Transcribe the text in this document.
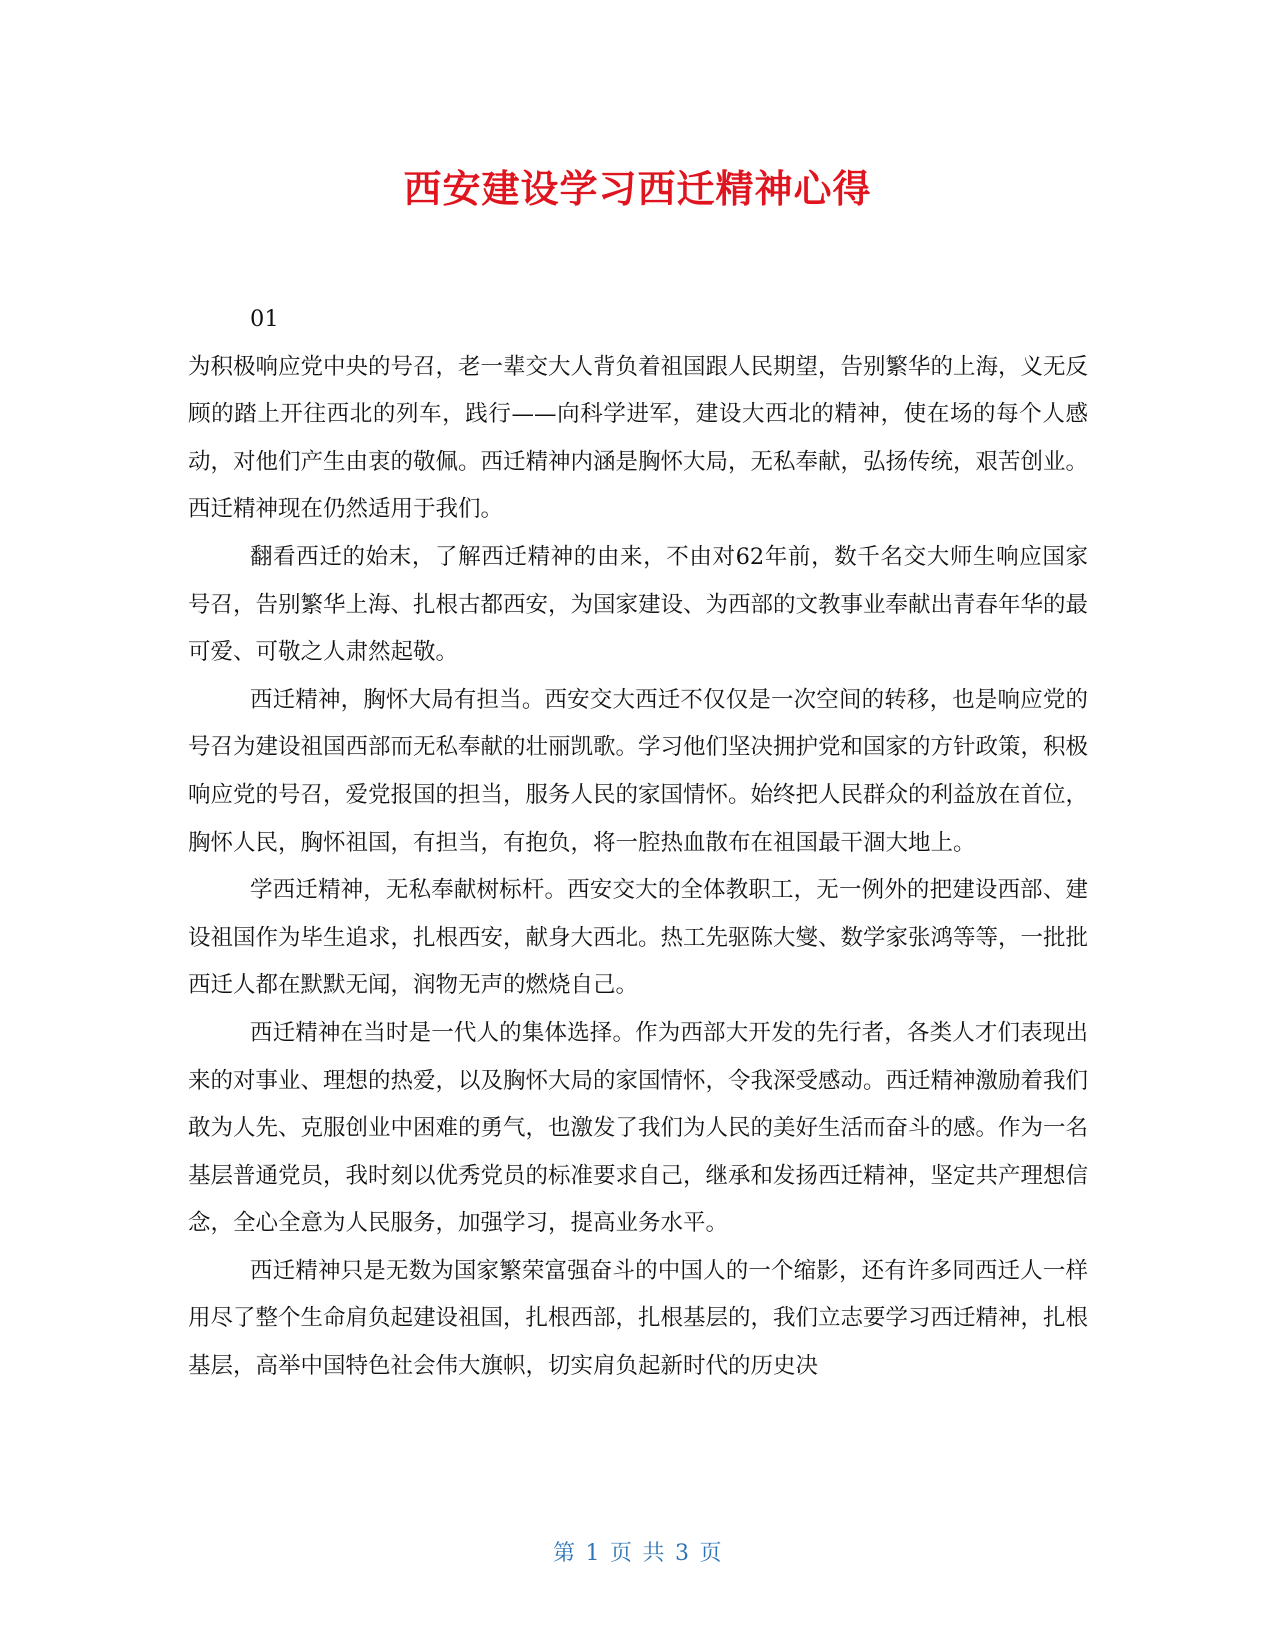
西安建设学习西迁精神心得

01

为积极响应党中央的号召，老一辈交大人背负着祖国跟人民期望，告别繁华的上海，义无反顾的踏上开往西北的列车，践行——向科学进军，建设大西北的精神，使在场的每个人感动，对他们产生由衷的敬佩。西迁精神内涵是胸怀大局，无私奉献，弘扬传统，艰苦创业。西迁精神现在仍然适用于我们。

翻看西迁的始末，了解西迁精神的由来，不由对62年前，数千名交大师生响应国家号召，告别繁华上海、扎根古都西安，为国家建设、为西部的文教事业奉献出青春年华的最可爱、可敬之人肃然起敬。

西迁精神，胸怀大局有担当。西安交大西迁不仅仅是一次空间的转移，也是响应党的号召为建设祖国西部而无私奉献的壮丽凯歌。学习他们坚决拥护党和国家的方针政策，积极响应党的号召，爱党报国的担当，服务人民的家国情怀。始终把人民群众的利益放在首位，胸怀人民，胸怀祖国，有担当，有抱负，将一腔热血散布在祖国最干涸大地上。

学西迁精神，无私奉献树标杆。西安交大的全体教职工，无一例外的把建设西部、建设祖国作为毕生追求，扎根西安，献身大西北。热工先驱陈大燮、数学家张鸿等等，一批批西迁人都在默默无闻，润物无声的燃烧自己。

西迁精神在当时是一代人的集体选择。作为西部大开发的先行者，各类人才们表现出来的对事业、理想的热爱，以及胸怀大局的家国情怀，令我深受感动。西迁精神激励着我们敢为人先、克服创业中困难的勇气，也激发了我们为人民的美好生活而奋斗的感。作为一名基层普通党员，我时刻以优秀党员的标准要求自己，继承和发扬西迁精神，坚定共产理想信念，全心全意为人民服务，加强学习，提高业务水平。

西迁精神只是无数为国家繁荣富强奋斗的中国人的一个缩影，还有许多同西迁人一样用尽了整个生命肩负起建设祖国，扎根西部，扎根基层的，我们立志要学习西迁精神，扎根基层，高举中国特色社会伟大旗帜，切实肩负起新时代的历史决

第 1 页 共 3 页
